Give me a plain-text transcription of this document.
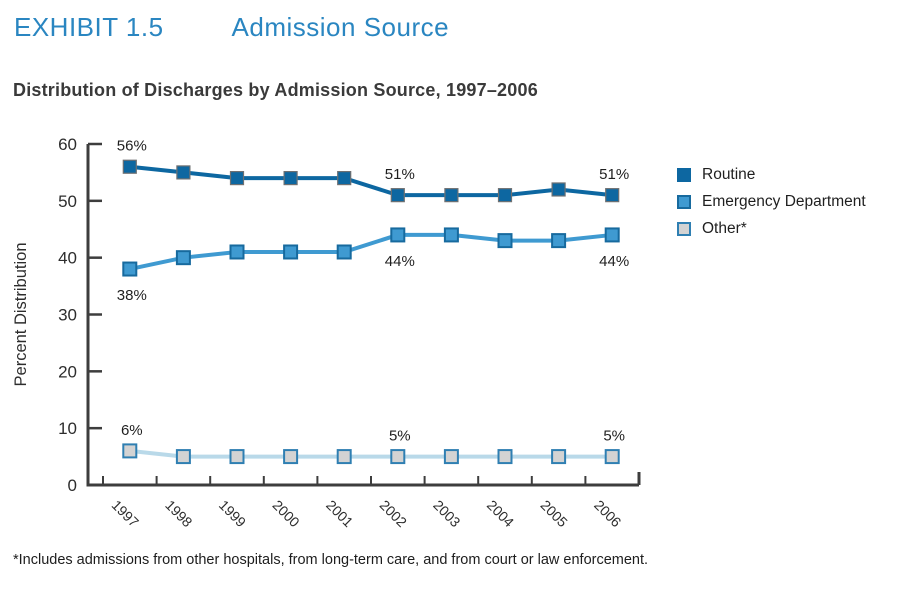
EXHIBIT 1.5	Admission Source
Distribution of Discharges by Admission Source, 1997–2006
0
10
20
30
40
50
60
1997 1998 1999 2000 2001 2002 2003 2004 2005 2006
Percent Distribution
56%
51%	51%
38%
44%	44%
6%	5%	5%
Routine
Emergency Department
Other*
*Includes admissions from other hospitals, from long-term care, and from court or law enforcement.
